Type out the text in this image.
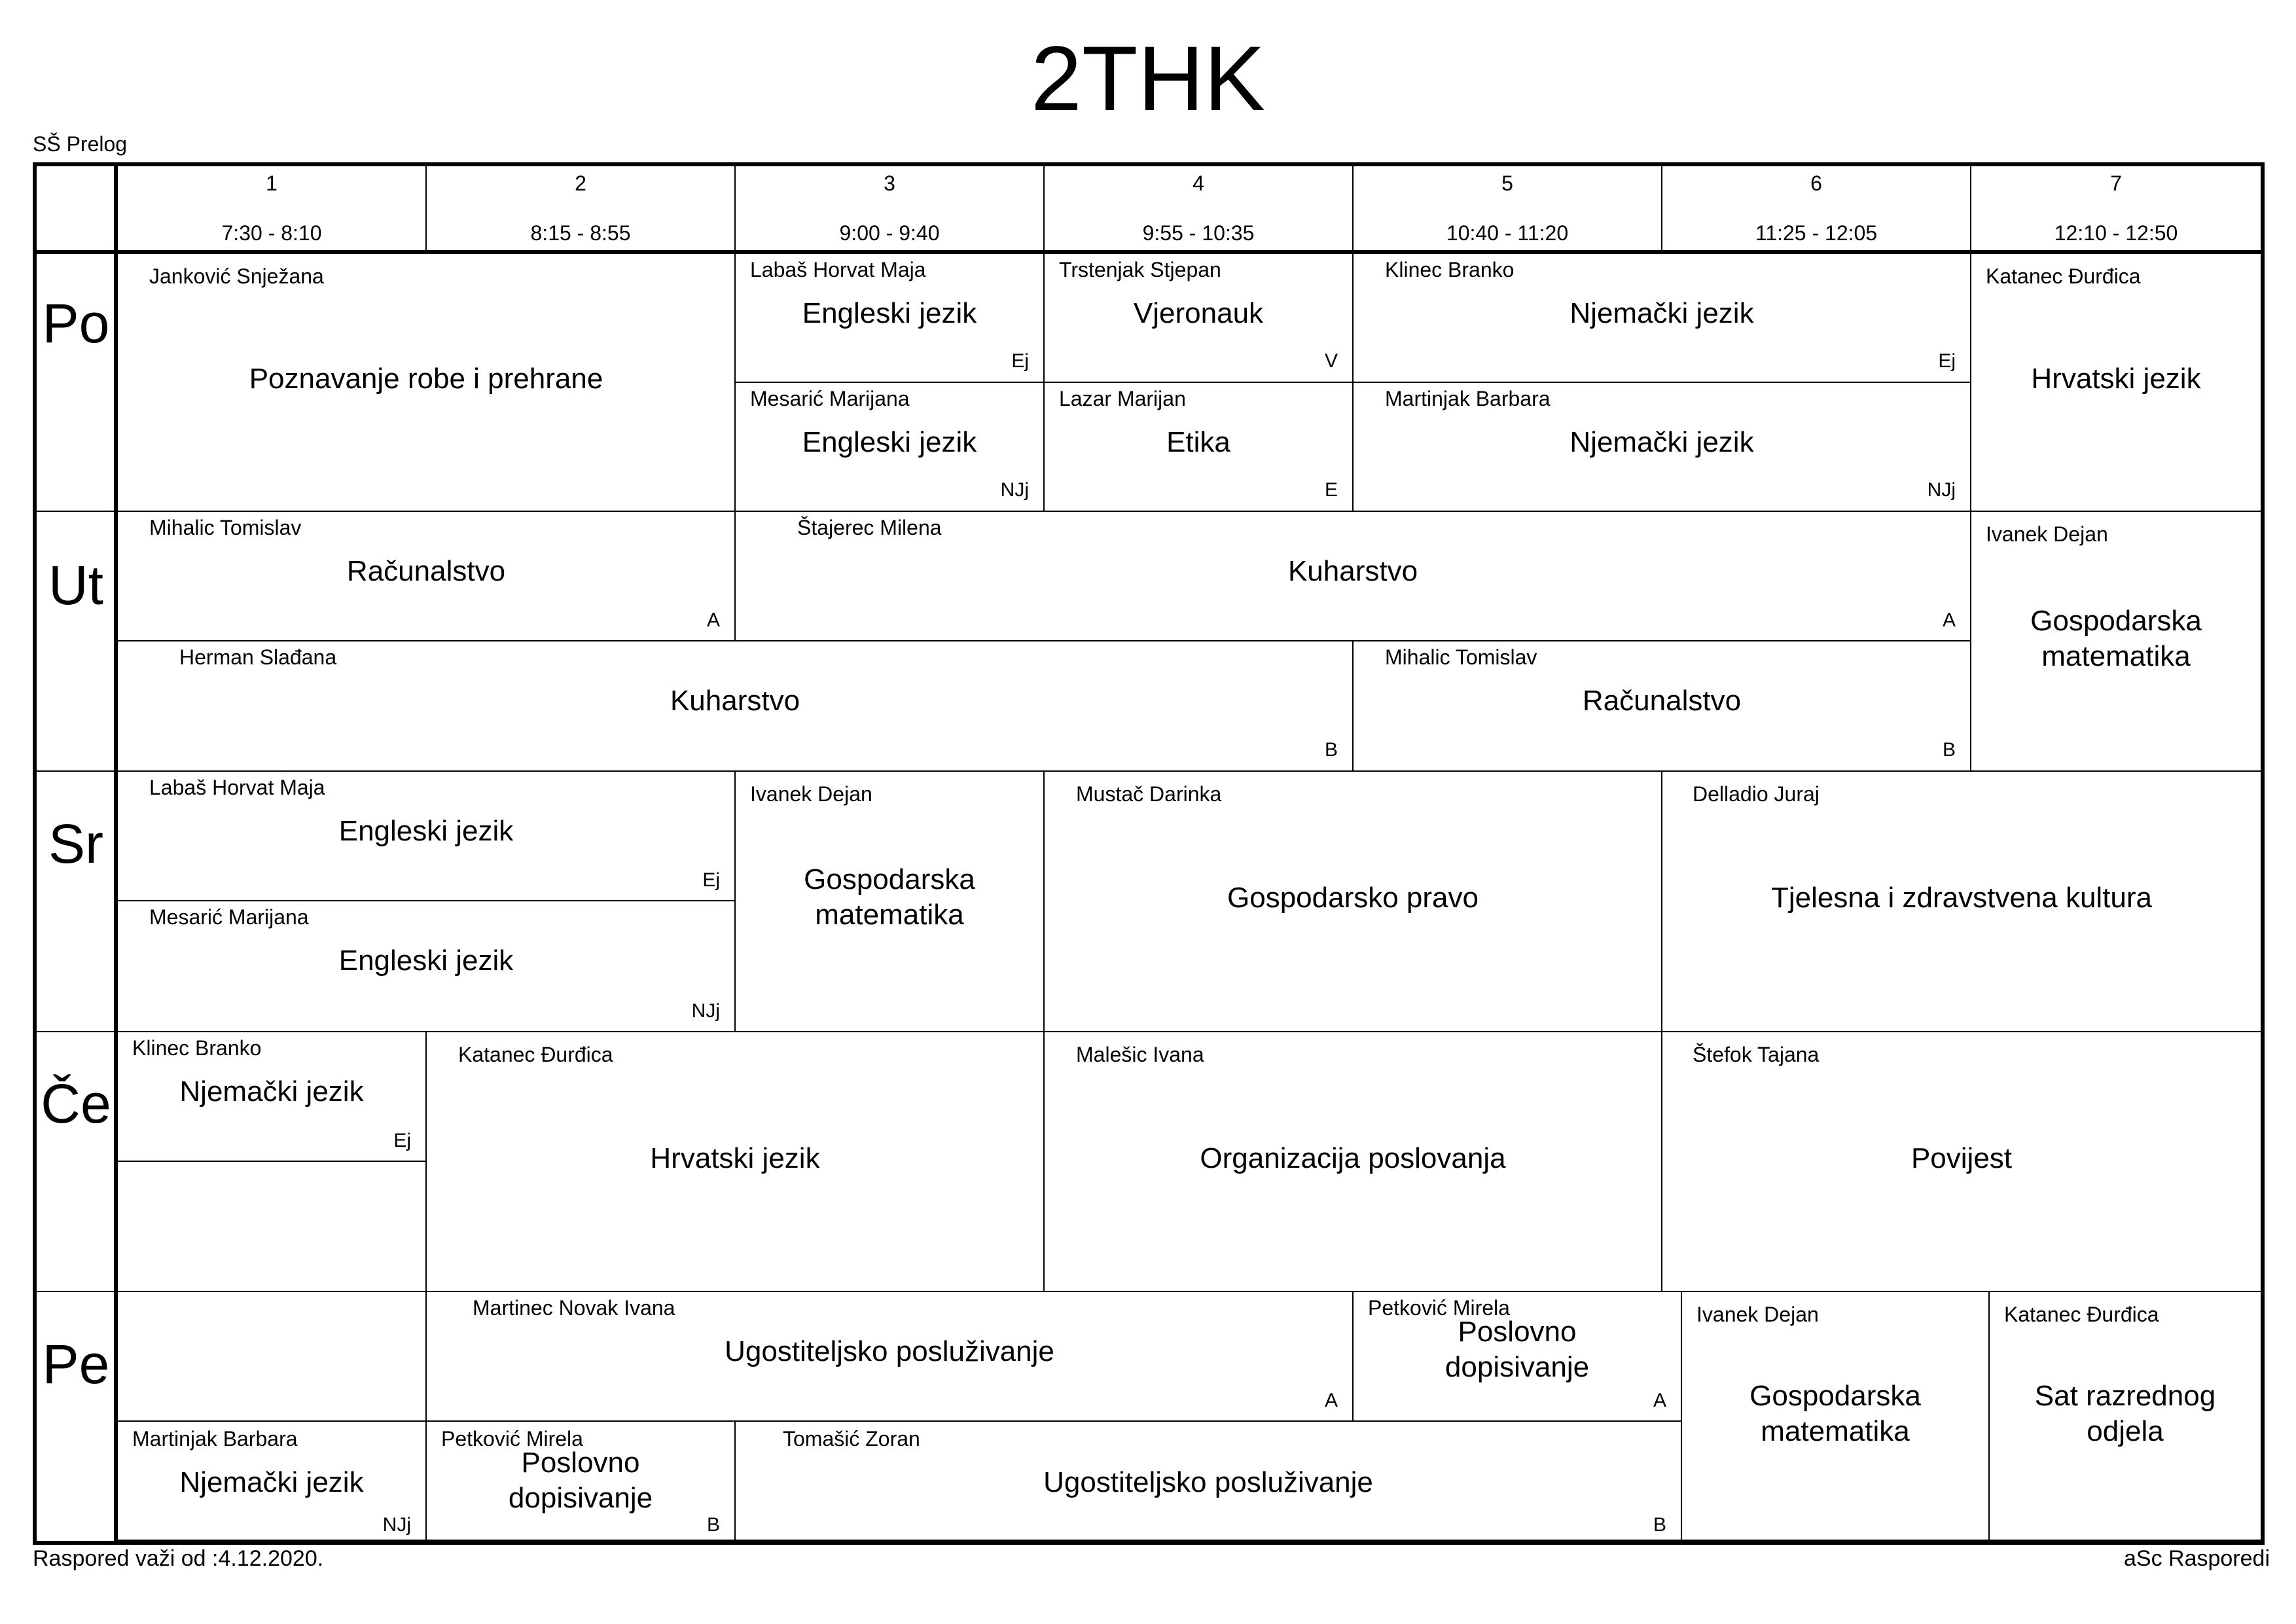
2THK
SŠ Prelog
1
7:30 - 8:10
2
8:15 - 8:55
3
9:00 - 9:40
4
9:55 - 10:35
5
10:40 - 11:20
6
11:25 - 12:05
7
12:10 - 12:50
Po
Ut
Sr
Če
Pe
Janković Snježana
Poznavanje robe i prehrane
Labaš Horvat Maja
Engleski jezik
Ej
Mesarić Marijana
Engleski jezik
NJj
Trstenjak Stjepan
Vjeronauk
V
Lazar Marijan
Etika
E
Klinec Branko
Njemački jezik
Ej
Martinjak Barbara
Njemački jezik
NJj
Katanec Đurđica
Hrvatski jezik
Mihalic Tomislav
Računalstvo
A
Štajerec Milena
Kuharstvo
A
Herman Slađana
Kuharstvo
B
Mihalic Tomislav
Računalstvo
B
Ivanek Dejan
Gospodarska
matematika
Labaš Horvat Maja
Engleski jezik
Ej
Mesarić Marijana
Engleski jezik
NJj
Ivanek Dejan
Gospodarska
matematika
Mustač Darinka
Gospodarsko pravo
Delladio Juraj
Tjelesna i zdravstvena kultura
Klinec Branko
Njemački jezik
Ej
Katanec Đurđica
Hrvatski jezik
Malešic Ivana
Organizacija poslovanja
Štefok Tajana
Povijest
Martinec Novak Ivana
Ugostiteljsko posluživanje
A
Petković Mirela
Poslovno
dopisivanje
A
Martinjak Barbara
Njemački jezik
NJj
Petković Mirela
Poslovno
dopisivanje
B
Tomašić Zoran
Ugostiteljsko posluživanje
B
Ivanek Dejan
Gospodarska
matematika
Katanec Đurđica
Sat razrednog
odjela
Raspored važi od :4.12.2020.	aSc Rasporedi
